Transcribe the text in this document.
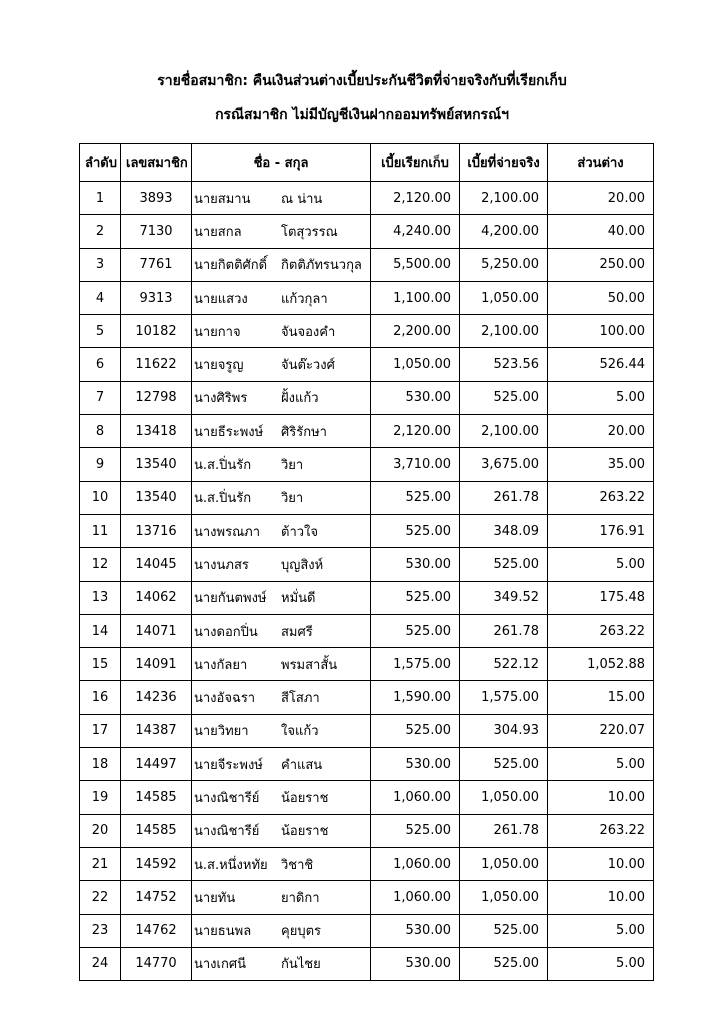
รายชื่อสมาชิก: คืนเงินส่วนต่างเบี้ยประกันชีวิตที่จ่ายจริงกับที่เรียกเก็บ
กรณีสมาชิก ไม่มีบัญชีเงินฝากออมทรัพย์สหกรณ์ฯ
ลำดับ	เลขสมาชิก	ชื่อ - สกุล	เบี้ยเรียกเก็บ	เบี้ยที่จ่ายจริง	ส่วนต่าง
1	3893	นายสมาน ณ น่าน	2,120.00	2,100.00	20.00
2	7130	นายสกล โตสุวรรณ	4,240.00	4,200.00	40.00
3	7761	นายกิตติศักดิ์ กิตติภัทรนวกุล	5,500.00	5,250.00	250.00
4	9313	นายแสวง แก้วกุลา	1,100.00	1,050.00	50.00
5	10182	นายกาจ จันจองคำ	2,200.00	2,100.00	100.00
6	11622	นายจรูญ จันต๊ะวงศ์	1,050.00	523.56	526.44
7	12798	นางศิริพร ฝั้งแก้ว	530.00	525.00	5.00
8	13418	นายธีระพงษ์ ศิริรักษา	2,120.00	2,100.00	20.00
9	13540	น.ส.ปิ่นรัก วิยา	3,710.00	3,675.00	35.00
10	13540	น.ส.ปิ่นรัก วิยา	525.00	261.78	263.22
11	13716	นางพรณภา ต้าวใจ	525.00	348.09	176.91
12	14045	นางนภสร บุญสิงห์	530.00	525.00	5.00
13	14062	นายกันตพงษ์ หมั่นดี	525.00	349.52	175.48
14	14071	นางดอกปิ่น สมศรี	525.00	261.78	263.22
15	14091	นางกัลยา พรมสาสั้น	1,575.00	522.12	1,052.88
16	14236	นางอัจฉรา สีโสภา	1,590.00	1,575.00	15.00
17	14387	นายวิทยา ใจแก้ว	525.00	304.93	220.07
18	14497	นายจีระพงษ์ คำแสน	530.00	525.00	5.00
19	14585	นางณิชารีย์ น้อยราช	1,060.00	1,050.00	10.00
20	14585	นางณิชารีย์ น้อยราช	525.00	261.78	263.22
21	14592	น.ส.หนึ่งหทัย วิชาชิ	1,060.00	1,050.00	10.00
22	14752	นายทัน ยาดิกา	1,060.00	1,050.00	10.00
23	14762	นายธนพล คุยบุตร	530.00	525.00	5.00
24	14770	นางเกศนี กันไชย	530.00	525.00	5.00
